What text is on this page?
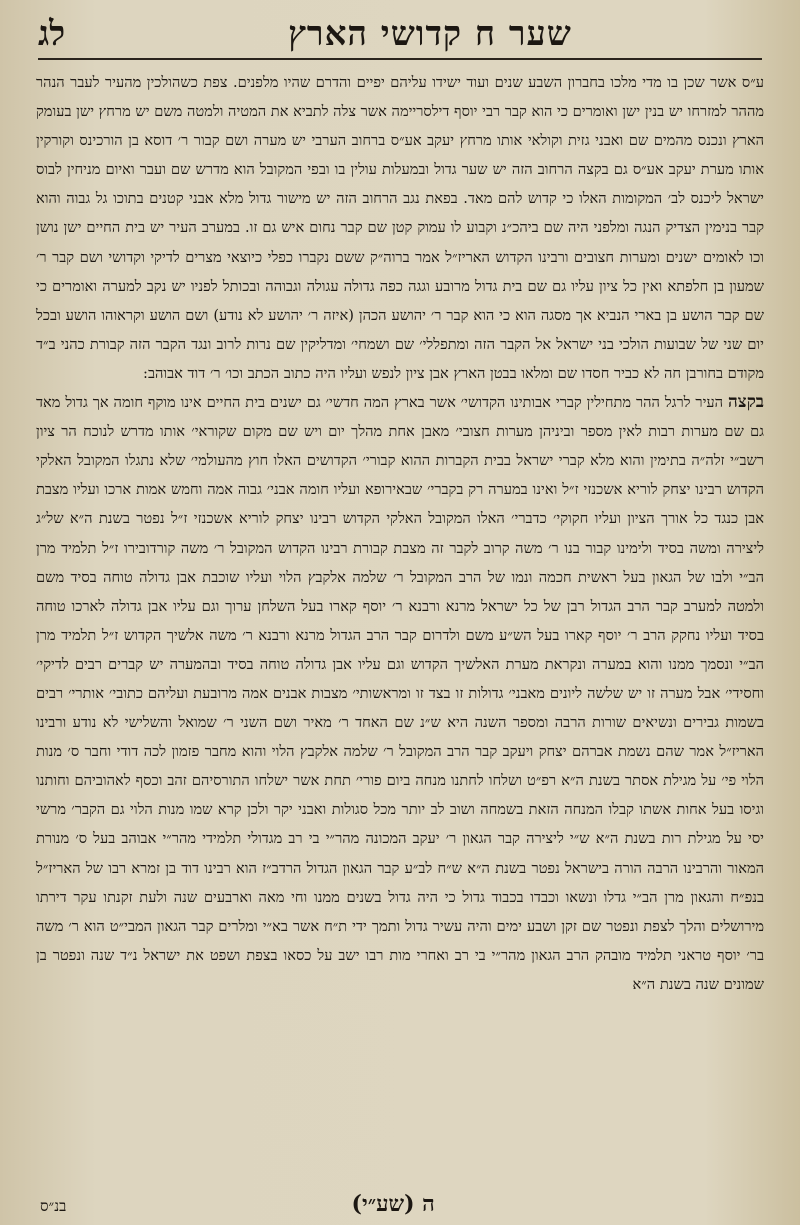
שער ח קדושי הארץ
לג

ע״ס אשר שכן בו מדי מלכו בחברון השבע שנים ועוד ישידו עליהם יפיים והדרם שהיו מלפנים. צפת כשהולכין מהעיר לעבר הנהר מההר למזרחו יש בנין ישן ואומרים כי הוא קבר רבי יוסף דילסריימה אשר צלה לתביא את המטיה ולמטה משם יש מרחץ ישן בעומק הארץ ונכנס מהמים שם ואבני גזית וקולאי אותו מרחץ יעקב אע״ס ברחוב הערבי יש מערה ושם קבור ר׳ דוסא בן הורכינס וקורקין אותו מערת יעקב אע״ס גם בקצה הרחוב הזה יש שער גדול ובמעלות עולין בו ובפי המקובל הוא מדרש שם ועבר ואיום מניחין לבוס ישראל ליכנס לב׳ המקומות האלו כי קדוש להם מאד. בפאת נגב הרחוב הזה יש מישור גדול מלא אבני קטנים בתוכו גל גבוה והוא קבר בנימין הצדיק הנגה ומלפני היה שם ביהכ״נ וקבוע לו עמוק קטן שם קבר נחום איש גם זו. במערב העיר יש בית החיים ישן נושן וכו לאומים ישנים ומערות חצובים ורבינו הקדוש האריז״ל אמר ברוה״ק ששם נקברו כפלי כיוצאי מצרים לדיקי וקדושי ושם קבר ר׳ שמעון בן חלפתא ואין כל ציון עליו גם שם בית גדול מרובע וגגה כפה גדולה עגולה וגבוהה ובכותל לפניו יש נקב למערה ואומרים כי שם קבר הושע בן בארי הנביא אך מסגה הוא כי הוא קבר ר׳ יהושע הכהן (איזה ר׳ יהושע לא נודע) ושם הושע וקראוהו הושע ובכל יום שני של שבועות הולכי בני ישראל אל הקבר הזה ומתפללי׳ שם ושמחי׳ ומדליקין שם נרות לרוב ונגד הקבר הזה קבורת כהני ב״ד מקודם בחורבן חה לא כביר חסדו שם ומלאו בבטן הארץ אבן ציון לנפש ועליו היה כתוב הכתב וכו׳ ר׳ דוד אבוהב:

בקצה העיר לרגל ההר מתחילין קברי אבותינו הקדושי׳ אשר בארץ המה חדשי׳ גם ישנים בית החיים אינו מוקף חומה אך גדול מאד גם שם מערות רבות לאין מספר וביניהן מערות חצובי׳ מאבן אחת מהלך יום ויש שם מקום שקוראי׳ אותו מדרש לנוכח הר ציון רשב״י זלה״ה בתימין והוא מלא קברי ישראל בבית הקברות ההוא קבורי׳ הקדושים האלו חוץ מהעולמי׳ שלא נתגלו המקובל האלקי הקדוש רבינו יצחק לוריא אשכנזי ז״ל ואינו במערה רק בקברי׳ שבאירופא ועליו חומה אבני׳ גבוה אמה וחמש אמות ארכו ועליו מצבת אבן כנגד כל אורך הציון ועליו חקוקי׳ כדברי׳ האלו המקובל האלקי הקדוש רבינו יצחק לוריא אשכנזי ז״ל נפטר בשנת ה״א של״ג ליצירה ומשה בסיד ולימינו קבור בנו ר׳ משה קרוב לקבר זה מצבת קבורת רבינו הקדוש המקובל ר׳ משה קורדובירו ז״ל תלמיד מרן הב״י ולבו של הגאון בעל ראשית חכמה ונמו של הרב המקובל ר׳ שלמה אלקבץ הלוי ועליו שוכבת אבן גדולה טוחה בסיד משם ולמטה למערב קבר הרב הגדול רבן של כל ישראל מרנא ורבנא ר׳ יוסף קארו בעל השלחן ערוך וגם עליו אבן גדולה לארכו טוחה בסיד ועליו נחקק הרב ר׳ יוסף קארו בעל הש״ע משם ולדרום קבר הרב הגדול מרנא ורבנא ר׳ משה אלשיך הקדוש ז״ל תלמיד מרן הב״י ונסמך ממנו והוא במערה ונקראת מערת האלשיך הקדוש וגם עליו אבן גדולה טוחה בסיד ובהמערה יש קברים רבים לדיקי׳ וחסידי׳ אבל מערה זו יש שלשה ליונים מאבני׳ גדולות זו בצד זו ומראשותי׳ מצבות אבנים אמה מרובעת ועליהם כתובי׳ אותרי׳ רבים בשמות גבירים ונשיאים שורות הרבה ומספר השנה היא ש״נ שם האחד ר׳ מאיר ושם השני ר׳ שמואל והשלישי לא נודע ורבינו האריז״ל אמר שהם נשמת אברהם יצחק ויעקב קבר הרב המקובל ר׳ שלמה אלקבץ הלוי והוא מחבר פזמון לכה דודי וחבר ס׳ מנות הלוי פי׳ על מגילת אסתר בשנת ה״א רפ״ט ושלחו לחתנו מנחה ביום פורי׳ תחת אשר ישלחו התורסיהם זהב וכסף לאהוביהם וחותנו וגיסו בעל אחות אשתו קבלו המנחה הזאת בשמחה ושוב לב יותר מכל סגולות ואבני יקר ולכן קרא שמו מנות הלוי גם הקבר׳ מרשי יסי על מגילת רות בשנת ה״א ש״י ליצירה קבר הגאון ר׳ יעקב המכונה מהר״י בי רב מגדולי תלמידי מהר״י אבוהב בעל ס׳ מנורת המאור והרבינו הרבה הורה בישראל נפטר בשנת ה״א ש״ח לב״ע קבר הגאון הגדול הרדב״ז הוא רבינו דוד בן זמרא רבו של האריז״ל בנפ״ח והגאון מרן הב״י גדלו ונשאו וכבדו בכבוד גדול כי היה גדול בשנים ממנו וחי מאה וארבעים שנה ולעת זקנתו עקר דירתו מירושלים והלך לצפת ונפטר שם זקן ושבע ימים והיה עשיר גדול ותמך ידי ת״ח אשר בא״י ומלרים קבר הגאון המבי״ט הוא ר׳ משה בר׳ יוסף טראני תלמיד מובהק הרב הגאון מהר״י בי רב ואחרי מות רבו ישב על כסאו בצפת ושפט את ישראל נ״ד שנה ונפטר בן שמונים שנה בשנת ה״א

ה (שע״י)
בנ״ס
